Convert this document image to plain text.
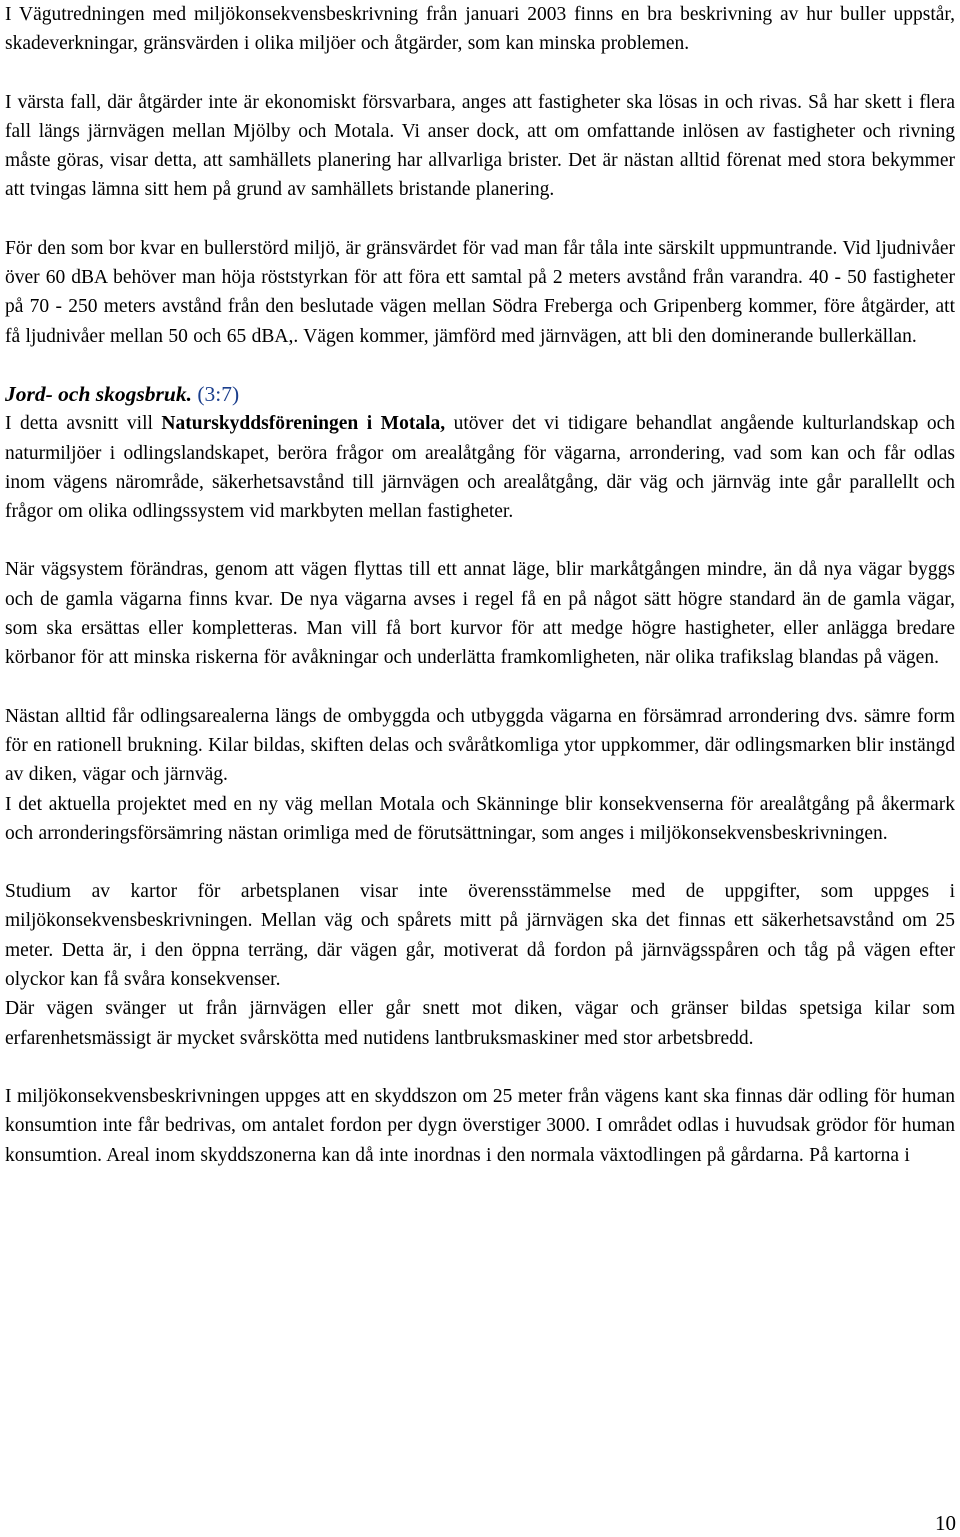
I Vägutredningen med miljökonsekvensbeskrivning från januari 2003 finns en bra beskrivning av hur buller uppstår, skadeverkningar, gränsvärden i olika miljöer och åtgärder, som kan minska problemen.

I värsta fall, där åtgärder inte är ekonomiskt försvarbara, anges att fastigheter ska lösas in och rivas. Så har skett i flera fall längs järnvägen mellan Mjölby och Motala. Vi anser dock, att om omfattande inlösen av fastigheter och rivning måste göras, visar detta, att samhällets planering har allvarliga brister. Det är nästan alltid förenat med stora bekymmer att tvingas lämna sitt hem på grund av samhällets bristande planering.

För den som bor kvar en bullerstörd miljö, är gränsvärdet för vad man får tåla inte särskilt uppmuntrande. Vid ljudnivåer över 60 dBA behöver man höja röststyrkan för att föra ett samtal på 2 meters avstånd från varandra. 40 - 50 fastigheter på 70 - 250 meters avstånd från den beslutade vägen mellan Södra Freberga och Gripenberg kommer, före åtgärder, att få ljudnivåer mellan 50 och 65 dBA,. Vägen kommer, jämförd med järnvägen, att bli den dominerande bullerkällan.

Jord- och skogsbruk. (3:7)

I detta avsnitt vill Naturskyddsföreningen i Motala, utöver det vi tidigare behandlat angående kulturlandskap och naturmiljöer i odlingslandskapet, beröra frågor om arealåtgång för vägarna, arrondering, vad som kan och får odlas inom vägens närområde, säkerhetsavstånd till järnvägen och arealåtgång, där väg och järnväg inte går parallellt och frågor om olika odlingssystem vid markbyten mellan fastigheter.

När vägsystem förändras, genom att vägen flyttas till ett annat läge, blir markåtgången mindre, än då nya vägar byggs och de gamla vägarna finns kvar. De nya vägarna avses i regel få en på något sätt högre standard än de gamla vägar, som ska ersättas eller kompletteras. Man vill få bort kurvor för att medge högre hastigheter, eller anlägga bredare körbanor för att minska riskerna för avåkningar och underlätta framkomligheten, när olika trafikslag blandas på vägen.

Nästan alltid får odlingsarealerna längs de ombyggda och utbyggda vägarna en försämrad arrondering dvs. sämre form för en rationell brukning. Kilar bildas, skiften delas och svåråtkomliga ytor uppkommer, där odlingsmarken blir instängd av diken, vägar och järnväg.

I det aktuella projektet med en ny väg mellan Motala och Skänninge blir konsekvenserna för arealåtgång på åkermark och arronderingsförsämring nästan orimliga med de förutsättningar, som anges i miljökonsekvensbeskrivningen.

Studium av kartor för arbetsplanen visar inte överensstämmelse med de uppgifter, som uppges i miljökonsekvensbeskrivningen. Mellan väg och spårets mitt på järnvägen ska det finnas ett säkerhetsavstånd om 25 meter. Detta är, i den öppna terräng, där vägen går, motiverat då fordon på järnvägsspåren och tåg på vägen efter olyckor kan få svåra konsekvenser.

Där vägen svänger ut från järnvägen eller går snett mot diken, vägar och gränser bildas spetsiga kilar som erfarenhetsmässigt är mycket svårskötta med nutidens lantbruksmaskiner med stor arbetsbredd.

I miljökonsekvensbeskrivningen uppges att en skyddszon om 25 meter från vägens kant ska finnas där odling för human konsumtion inte får bedrivas, om antalet fordon per dygn överstiger 3000. I området odlas i huvudsak grödor för human konsumtion. Areal inom skyddszonerna kan då inte inordnas i den normala växtodlingen på gårdarna. På kartorna i

10
